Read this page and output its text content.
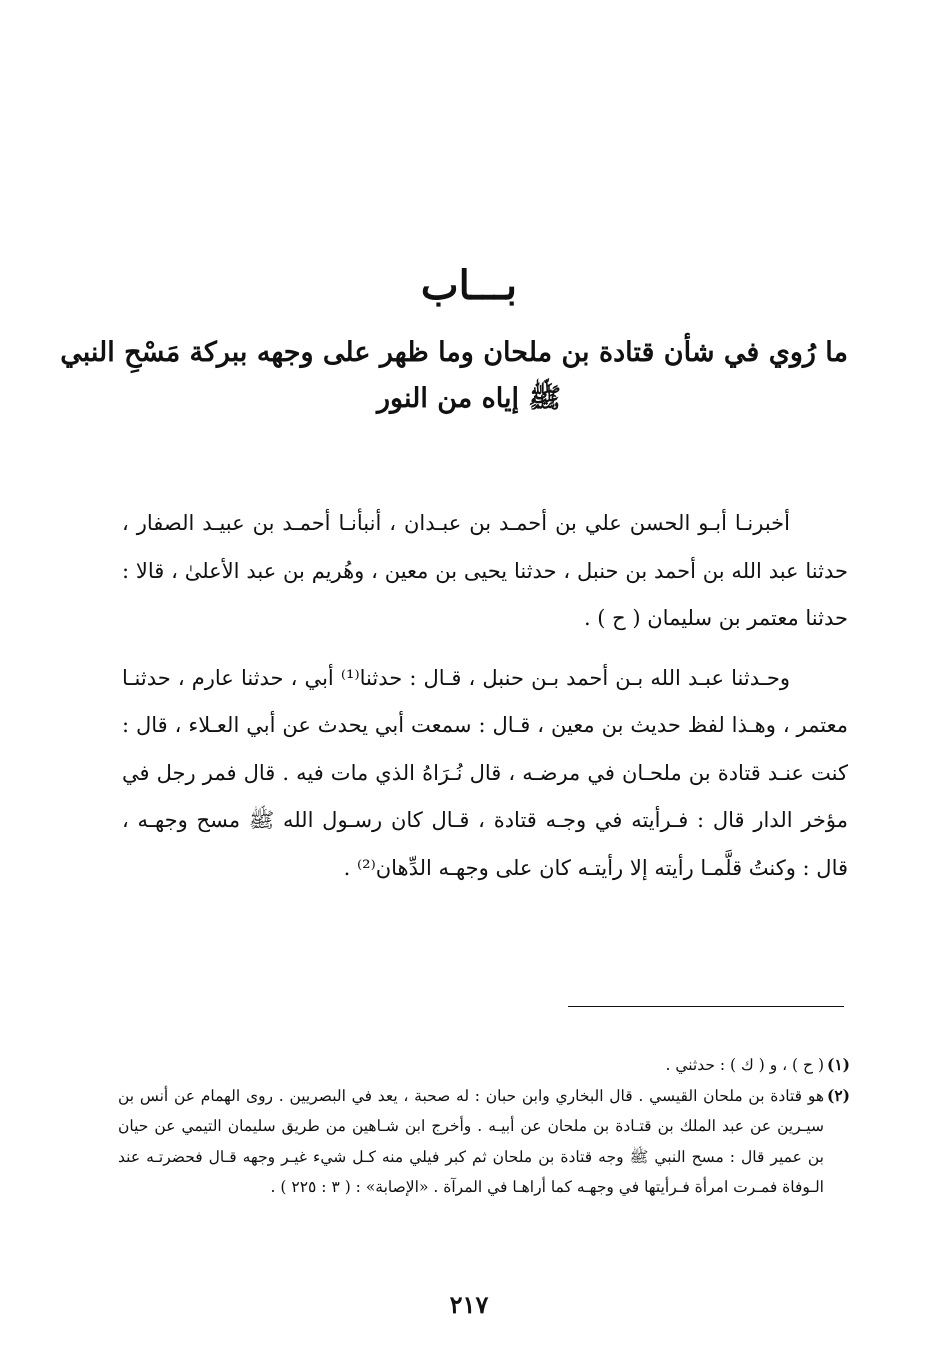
بـــاب
ما رُوي في شأن قتادة بن ملحان وما ظهر على وجهه ببركة مَسْحِ النبي
ﷺ إياه من النور

أخبرنـا أبـو الحسن علي بن أحمـد بن عبـدان ، أنبأنـا أحمـد بن عبيـد الصفار ، حدثنا عبد الله بن أحمد بن حنبل ، حدثنا يحيى بن معين ، وهُريم بن عبد الأعلىٰ ، قالا : حدثنا معتمر بن سليمان ( ح ) .

وحـدثنا عبـد الله بـن أحمد بـن حنبل ، قـال : حدثنا⁽¹⁾ أبي ، حدثنا عارم ، حدثنـا معتمر ، وهـذا لفظ حديث بن معين ، قـال : سمعت أبي يحدث عن أبي العـلاء ، قال : كنت عنـد قتادة بن ملحـان في مرضـه ، قال نُـرَاهُ الذي مات فيه . قال فمر رجل في مؤخر الدار قال : فـرأيته في وجـه قتادة ، قـال كان رسـول الله ﷺ مسح وجهـه ، قال : وكنتُ قلَّمـا رأيته إلا رأيتـه كان على وجهـه الدِّهان⁽²⁾ .

(١)
( ح ) ، و ( ك ) : حدثني .

(٢)
هو قتادة بن ملحان القيسي . قال البخاري وابن حبان : له صحبة ، يعد في البصريين . روى الهمام عن أنس بن سيـرين عن عبد الملك بن قتـادة بن ملحان عن أبيـه . وأخرج ابن شـاهين من طريق سليمان التيمي عن حيان بن عمير قال : مسح النبي ﷺ وجه قتادة بن ملحان ثم كبر فيلي منه كـل شيء غيـر وجهه قـال فحضرتـه عند الـوفاة فمـرت امرأة فـرأيتها في وجهـه كما أراهـا في المرآة . «الإصابة» : ( ٣ : ٢٢٥ ) .

٢١٧
